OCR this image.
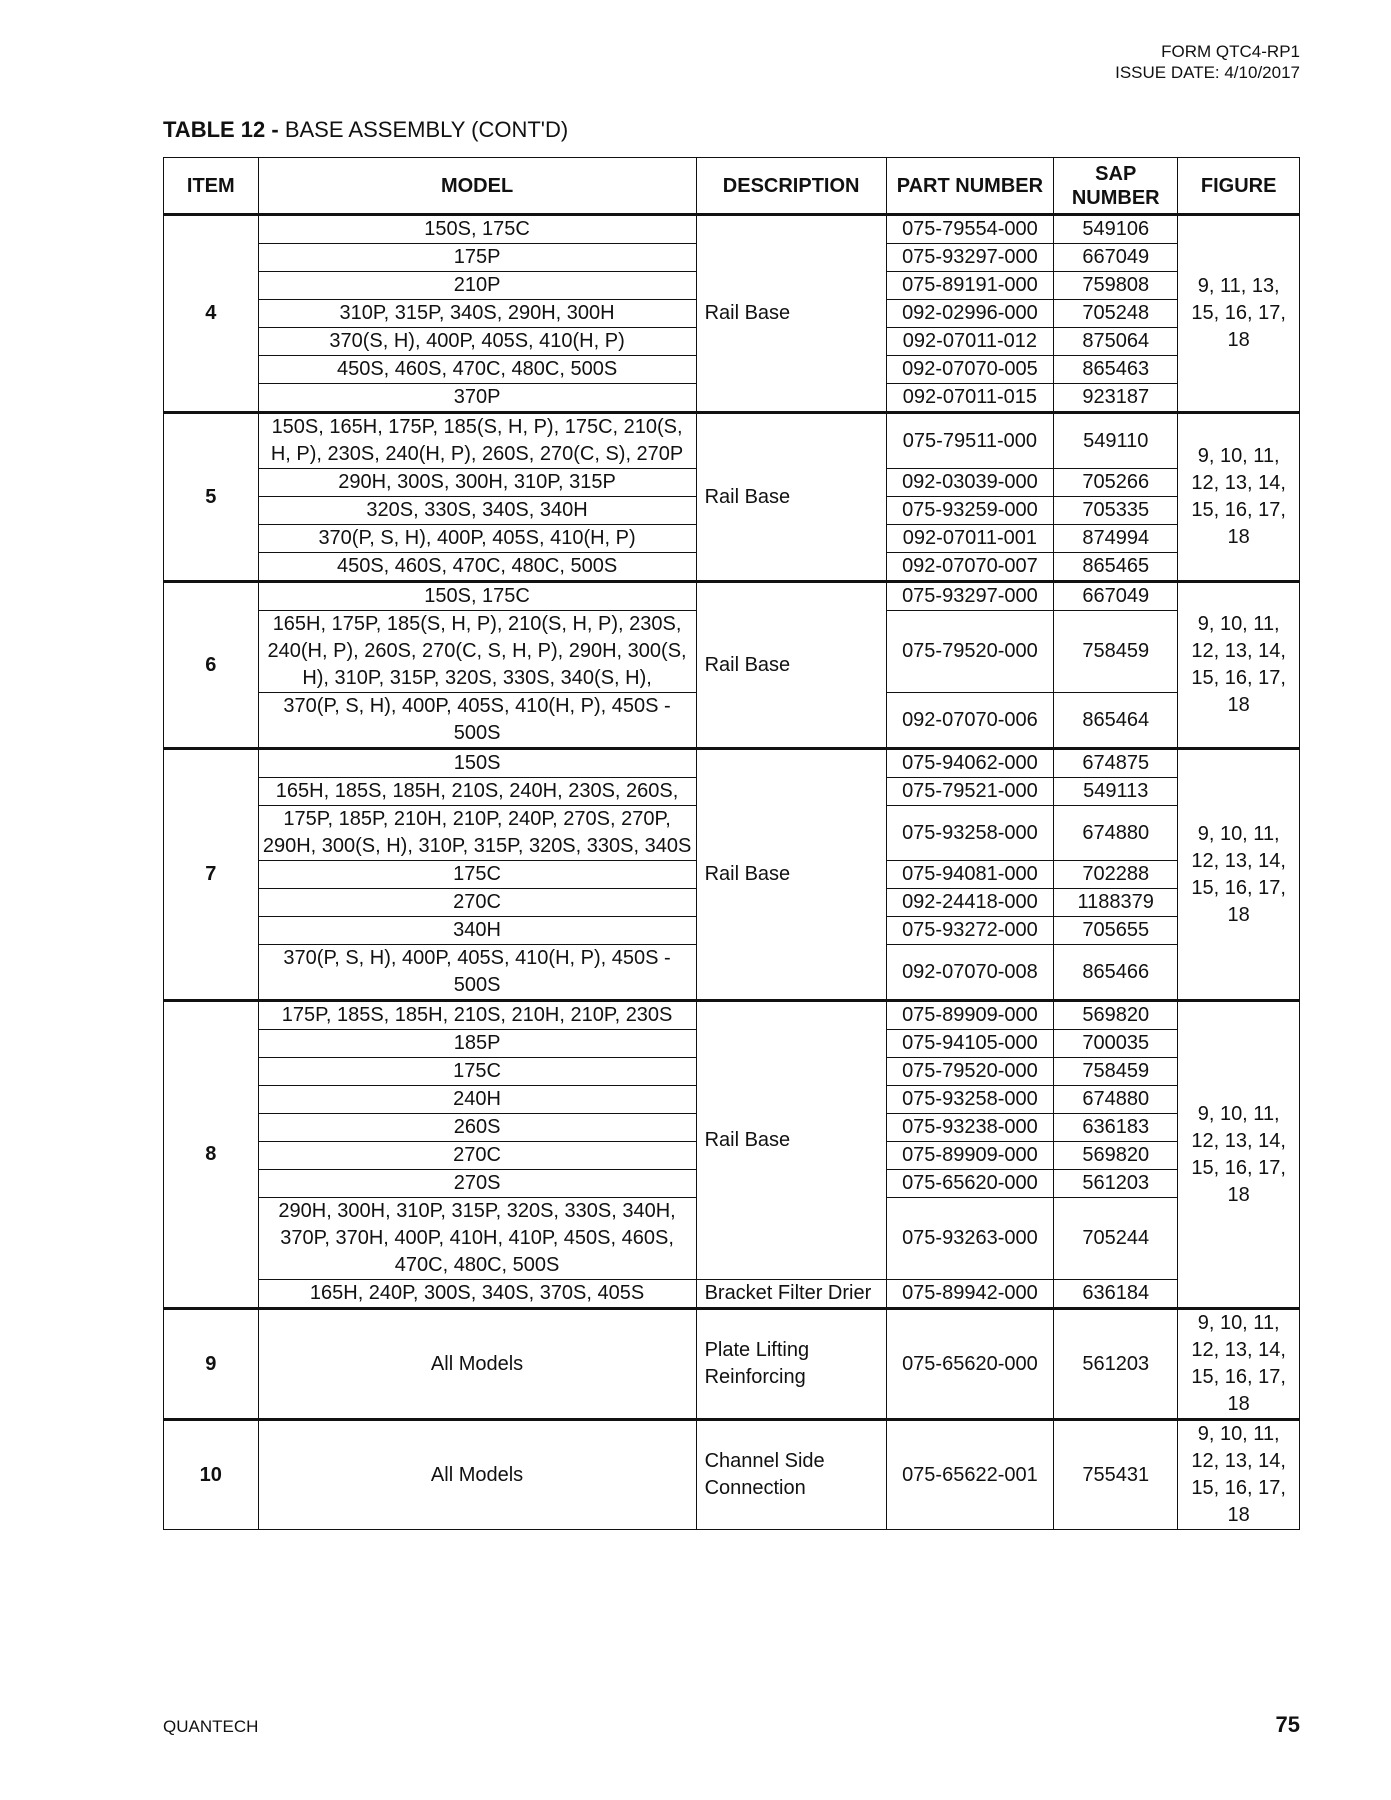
FORM QTC4-RP1
ISSUE DATE: 4/10/2017
TABLE 12 - BASE ASSEMBLY (CONT'D)
ITEM	MODEL	DESCRIPTION	PART NUMBER	SAP NUMBER	FIGURE
4	150S, 175C	Rail Base	075-79554-000	549106	9, 11, 13, 15, 16, 17, 18
	175P		075-93297-000	667049	
	210P		075-89191-000	759808	
	310P, 315P, 340S, 290H, 300H		092-02996-000	705248	
	370(S, H), 400P, 405S, 410(H, P)		092-07011-012	875064	
	450S, 460S, 470C, 480C, 500S		092-07070-005	865463	
	370P		092-07011-015	923187	
5	150S, 165H, 175P, 185(S, H, P), 175C, 210(S, H, P), 230S, 240(H, P), 260S, 270(C, S), 270P	Rail Base	075-79511-000	549110	9, 10, 11, 12, 13, 14, 15, 16, 17, 18
	290H, 300S, 300H, 310P, 315P		092-03039-000	705266	
	320S, 330S, 340S, 340H		075-93259-000	705335	
	370(P, S, H), 400P, 405S, 410(H, P)		092-07011-001	874994	
	450S, 460S, 470C, 480C, 500S		092-07070-007	865465	
6	150S, 175C	Rail Base	075-93297-000	667049	9, 10, 11, 12, 13, 14, 15, 16, 17, 18
	165H, 175P, 185(S, H, P), 210(S, H, P), 230S, 240(H, P), 260S, 270(C, S, H, P), 290H, 300(S, H), 310P, 315P, 320S, 330S, 340(S, H),		075-79520-000	758459	
	370(P, S, H), 400P, 405S, 410(H, P), 450S - 500S		092-07070-006	865464	
7	150S	Rail Base	075-94062-000	674875	9, 10, 11, 12, 13, 14, 15, 16, 17, 18
	165H, 185S, 185H, 210S, 240H, 230S, 260S,		075-79521-000	549113	
	175P, 185P, 210H, 210P, 240P, 270S, 270P, 290H, 300(S, H), 310P, 315P, 320S, 330S, 340S		075-93258-000	674880	
	175C		075-94081-000	702288	
	270C		092-24418-000	1188379	
	340H		075-93272-000	705655	
	370(P, S, H), 400P, 405S, 410(H, P), 450S - 500S		092-07070-008	865466	
8	175P, 185S, 185H, 210S, 210H, 210P, 230S	Rail Base	075-89909-000	569820	9, 10, 11, 12, 13, 14, 15, 16, 17, 18
	185P		075-94105-000	700035	
	175C		075-79520-000	758459	
	240H		075-93258-000	674880	
	260S		075-93238-000	636183	
	270C		075-89909-000	569820	
	270S		075-65620-000	561203	
	290H, 300H, 310P, 315P, 320S, 330S, 340H, 370P, 370H, 400P, 410H, 410P, 450S, 460S, 470C, 480C, 500S		075-93263-000	705244	
	165H, 240P, 300S, 340S, 370S, 405S	Bracket Filter Drier	075-89942-000	636184	
9	All Models	Plate Lifting Reinforcing	075-65620-000	561203	9, 10, 11, 12, 13, 14, 15, 16, 17, 18
10	All Models	Channel Side Connection	075-65622-001	755431	9, 10, 11, 12, 13, 14, 15, 16, 17, 18
QUANTECH	75
